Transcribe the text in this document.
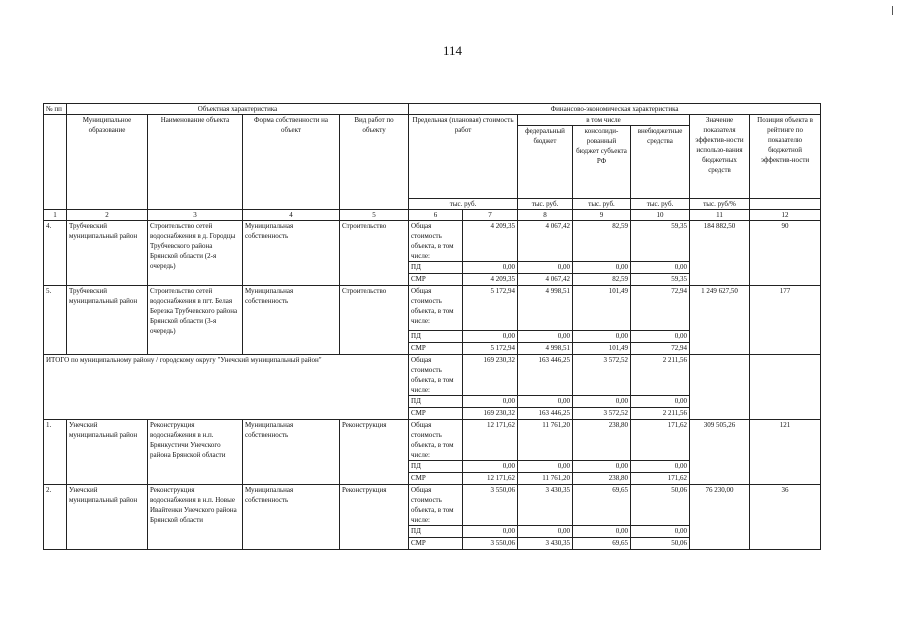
114
№ пп	Объектная характеристика				Финансово-экономическая характеристика						
	Муниципальное образование	Наименование объекта	Форма собственности на объект	Вид работ по объекту	Предельная (плановая) стоимость работ		в том числе			Значение показателя эффектив-ности использо-вания бюджетных средств	Позиция объекта в рейтинге по показателю бюджетной эффектив-ности
							федеральный бюджет	консолиди-рованный бюджет субъекта РФ	внебюджетные средства		
					тыс. руб.		тыс. руб.	тыс. руб.	тыс. руб.	тыс. руб/%	
1	2	3	4	5	6	7	8	9	10	11	12
4.	Трубчевский муниципальный район	Строительство сетей водоснабжения в д. Городцы Трубчевского района Брянской области (2-я очередь)	Муниципальная собственность	Строительство	Общая стоимость объекта, в том числе:	4 209,35	4 067,42	82,59	59,35	184 882,50	90
					ПД	0,00	0,00	0,00	0,00		
					СМР	4 209,35	4 067,42	82,59	59,35		
5.	Трубчевский муниципальный район	Строительство сетей водоснабжения в пгт. Белая Березка Трубчевского района Брянской области (3-я очередь)	Муниципальная собственность	Строительство	Общая стоимость объекта, в том числе:	5 172,94	4 998,51	101,49	72,94	1 249 627,50	177
					ПД	0,00	0,00	0,00	0,00		
					СМР	5 172,94	4 998,51	101,49	72,94		
ИТОГО по муниципальному району / городскому округу "Унечский муниципальный район"					Общая стоимость объекта, в том числе:	169 230,32	163 446,25	3 572,52	2 211,56		
					ПД	0,00	0,00	0,00	0,00		
					СМР	169 230,32	163 446,25	3 572,52	2 211,56		
1.	Унечский муниципальный район	Реконструкция водоснабжения в н.п. Брянкустичи Унечского района Брянской области	Муниципальная собственность	Реконструкция	Общая стоимость объекта, в том числе:	12 171,62	11 761,20	238,80	171,62	309 505,26	121
					ПД	0,00	0,00	0,00	0,00		
					СМР	12 171,62	11 761,20	238,80	171,62		
2.	Унечский муниципальный район	Реконструкция водоснабжения в н.п. Новые Ивайтенки Унечского района Брянской области	Муниципальная собственность	Реконструкция	Общая стоимость объекта, в том числе:	3 550,06	3 430,35	69,65	50,06	76 230,00	36
					ПД	0,00	0,00	0,00	0,00		
					СМР	3 550,06	3 430,35	69,65	50,06		
